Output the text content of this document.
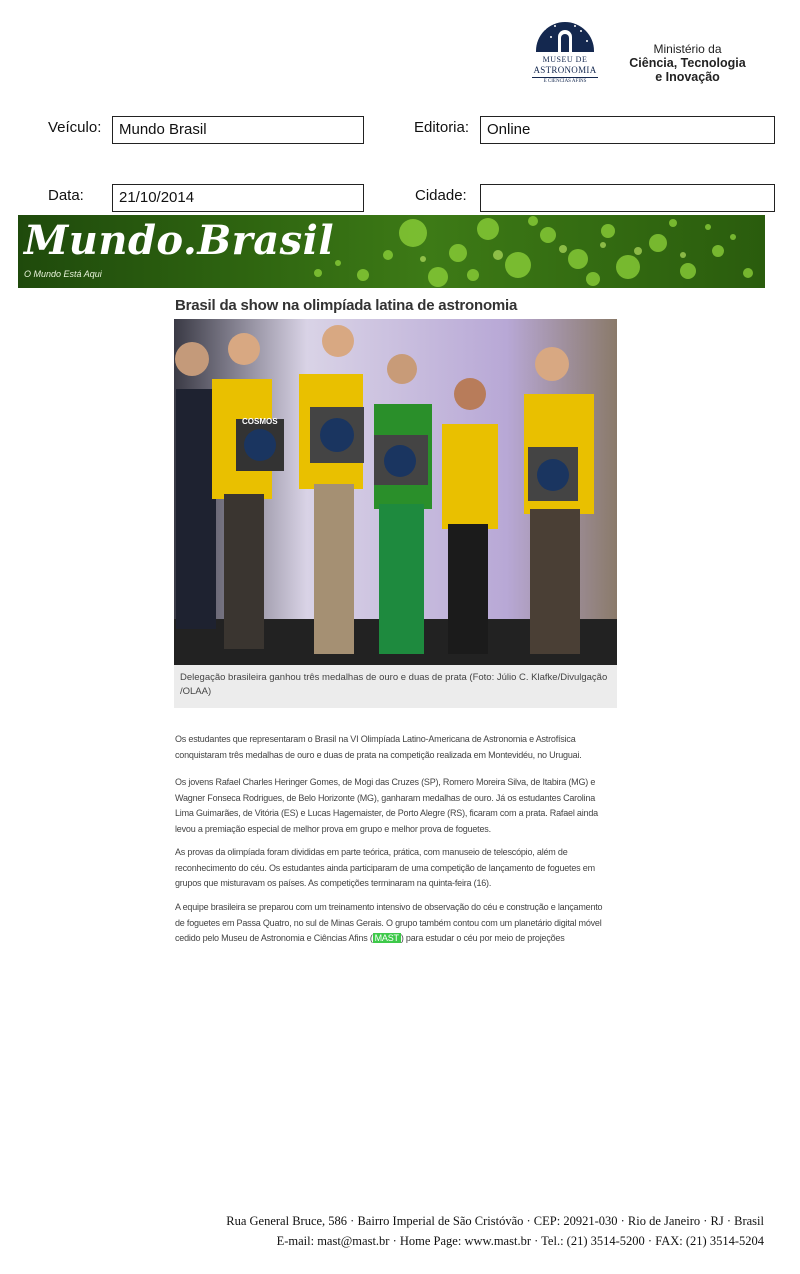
MUSEU DE
ASTRONOMIA
E CIÊNCIAS AFINS
Ministério da
Ciência, Tecnologia
e Inovação
Veículo:	Mundo Brasil	Editoria:	Online
Data:	21/10/2014	Cidade:
Mundo.Brasil
O Mundo Está Aqui
Brasil da show na olimpíada latina de astronomia
COSMOS
Delegação brasileira ganhou três medalhas de ouro e duas de prata (Foto: Júlio C. Klafke/Divulgação /OLAA)
Os estudantes que representaram o Brasil na VI Olimpíada Latino-Americana de Astronomia e Astrofísica conquistaram três medalhas de ouro e duas de prata na competição realizada em Montevidéu, no Uruguai.
Os jovens Rafael Charles Heringer Gomes, de Mogi das Cruzes (SP), Romero Moreira Silva, de Itabira (MG) e Wagner Fonseca Rodrigues, de Belo Horizonte (MG), ganharam medalhas de ouro. Já os estudantes Carolina Lima Guimarães, de Vitória (ES) e Lucas Hagemaister, de Porto Alegre (RS), ficaram com a prata. Rafael ainda levou a premiação especial de melhor prova em grupo e melhor prova de foguetes.
As provas da olimpíada foram divididas em parte teórica, prática, com manuseio de telescópio, além de reconhecimento do céu. Os estudantes ainda participaram de uma competição de lançamento de foguetes em grupos que misturavam os países. As competições terminaram na quinta-feira (16).
A equipe brasileira se preparou com um treinamento intensivo de observação do céu e construção e lançamento de foguetes em Passa Quatro, no sul de Minas Gerais. O grupo também contou com um planetário digital móvel cedido pelo Museu de Astronomia e Ciências Afins ( MAST ) para estudar o céu por meio de projeções
Rua General Bruce, 586 · Bairro Imperial de São Cristóvão · CEP: 20921-030 · Rio de Janeiro · RJ · Brasil
E-mail: mast@mast.br · Home Page: www.mast.br · Tel.: (21) 3514-5200 · FAX: (21) 3514-5204
